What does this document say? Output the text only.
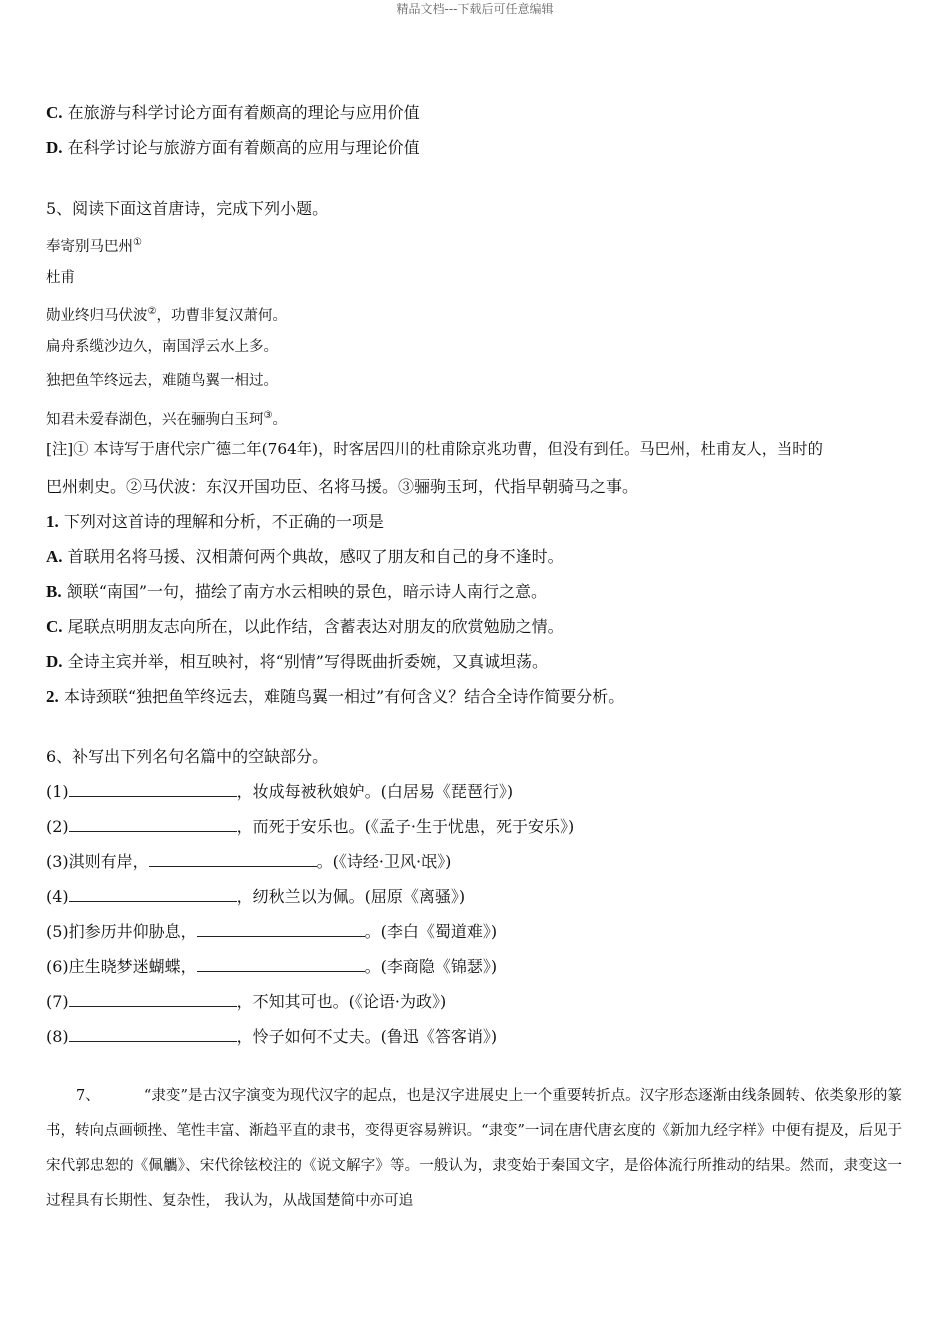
精品文档---下载后可任意编辑
C. 在旅游与科学讨论方面有着颇高的理论与应用价值
D. 在科学讨论与旅游方面有着颇高的应用与理论价值
5、阅读下面这首唐诗，完成下列小题。
奉寄别马巴州①
杜甫
勋业终归马伏波②，功曹非复汉萧何。
扁舟系缆沙边久，南国浮云水上多。
独把鱼竿终远去，难随鸟翼一相过。
知君未爱春湖色，兴在骊驹白玉珂③。
[注]① 本诗写于唐代宗广德二年(764年)，时客居四川的杜甫除京兆功曹，但没有到任。马巴州，杜甫友人，当时的
巴州刺史。②马伏波：东汉开国功臣、名将马援。③骊驹玉珂，代指早朝骑马之事。
1. 下列对这首诗的理解和分析，不正确的一项是
A. 首联用名将马援、汉相萧何两个典故，感叹了朋友和自己的身不逢时。
B. 颔联“南国”一句，描绘了南方水云相映的景色，暗示诗人南行之意。
C. 尾联点明朋友志向所在，以此作结，含蓄表达对朋友的欣赏勉励之情。
D. 全诗主宾并举，相互映衬，将“别情”写得既曲折委婉，又真诚坦荡。
2. 本诗颈联“独把鱼竿终远去，难随鸟翼一相过”有何含义？结合全诗作简要分析。
6、补写出下列名句名篇中的空缺部分。
(1)	，妆成每被秋娘妒。(白居易《琵琶行》)
(2)	，而死于安乐也。(《孟子·生于忧患，死于安乐》)
(3)淇则有岸，	。(《诗经·卫风·氓》)
(4)	，纫秋兰以为佩。(屈原《离骚》)
(5)扪参历井仰胁息，	。(李白《蜀道难》)
(6)庄生晓梦迷蝴蝶，	。(李商隐《锦瑟》)
(7)	，不知其可也。(《论语·为政》)
(8)	，怜子如何不丈夫。(鲁迅《答客诮》)
7、	“隶变”是古汉字演变为现代汉字的起点，也是汉字进展史上一个重要转折点。汉字形态逐渐由线条圆转、依类象形的篆书，转向点画顿挫、笔性丰富、渐趋平直的隶书，变得更容易辨识。“隶变”一词在唐代唐玄度的《新加九经字样》中便有提及，后见于宋代郭忠恕的《佩觿》、宋代徐铉校注的《说文解字》等。一般认为，隶变始于秦国文字，是俗体流行所推动的结果。然而，隶变这一过程具有长期性、复杂性， 我认为，从战国楚简中亦可追
